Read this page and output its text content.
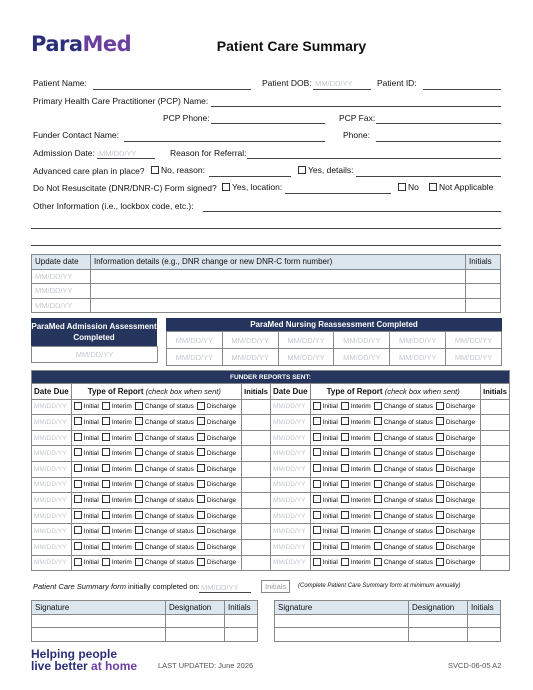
ParaMed	Patient Care Summary
Patient Name:	Patient DOB: MM/DD/YY	Patient ID:
Primary Health Care Practitioner (PCP) Name:
PCP Phone:	PCP Fax:
Funder Contact Name:	Phone:
Admission Date: MM/DD/YY	Reason for Referral:
Advanced care plan in place?	No, reason:	Yes, details:
Do Not Resuscitate (DNR/DNR-C) Form signed?	Yes, location:	No	Not Applicable
Other Information (i.e., lockbox code, etc.):
Update date	Information details (e.g., DNR change or new DNR-C form number)	Initials
MM/DD/YY		
MM/DD/YY		
MM/DD/YY		
ParaMed Admission Assessment Completed
MM/DD/YY
ParaMed Nursing Reassessment Completed
MM/DD/YY	MM/DD/YY	MM/DD/YY	MM/DD/YY	MM/DD/YY	MM/DD/YY
MM/DD/YY	MM/DD/YY	MM/DD/YY	MM/DD/YY	MM/DD/YY	MM/DD/YY
FUNDER REPORTS SENT:					
Date Due	Type of Report (check box when sent)	Initials	Date Due	Type of Report (check box when sent)	Initials
MM/DD/YY	Initial Interim Change of status Discharge		MM/DD/YY	Initial Interim Change of status Discharge	
MM/DD/YY	Initial Interim Change of status Discharge		MM/DD/YY	Initial Interim Change of status Discharge	
MM/DD/YY	Initial Interim Change of status Discharge		MM/DD/YY	Initial Interim Change of status Discharge	
MM/DD/YY	Initial Interim Change of status Discharge		MM/DD/YY	Initial Interim Change of status Discharge	
MM/DD/YY	Initial Interim Change of status Discharge		MM/DD/YY	Initial Interim Change of status Discharge	
MM/DD/YY	Initial Interim Change of status Discharge		MM/DD/YY	Initial Interim Change of status Discharge	
MM/DD/YY	Initial Interim Change of status Discharge		MM/DD/YY	Initial Interim Change of status Discharge	
MM/DD/YY	Initial Interim Change of status Discharge		MM/DD/YY	Initial Interim Change of status Discharge	
MM/DD/YY	Initial Interim Change of status Discharge		MM/DD/YY	Initial Interim Change of status Discharge	
MM/DD/YY	Initial Interim Change of status Discharge		MM/DD/YY	Initial Interim Change of status Discharge	
MM/DD/YY	Initial Interim Change of status Discharge		MM/DD/YY	Initial Interim Change of status Discharge	
Patient Care Summary form initially completed on: MM/DD/YY	Initials	(Complete Patient Care Summary form at minimum annually)
Signature	Designation	Initials

			Signature	Designation	Initials

Helping people
live better at home	LAST UPDATED: June 2026	SVCD-06-05 A2
